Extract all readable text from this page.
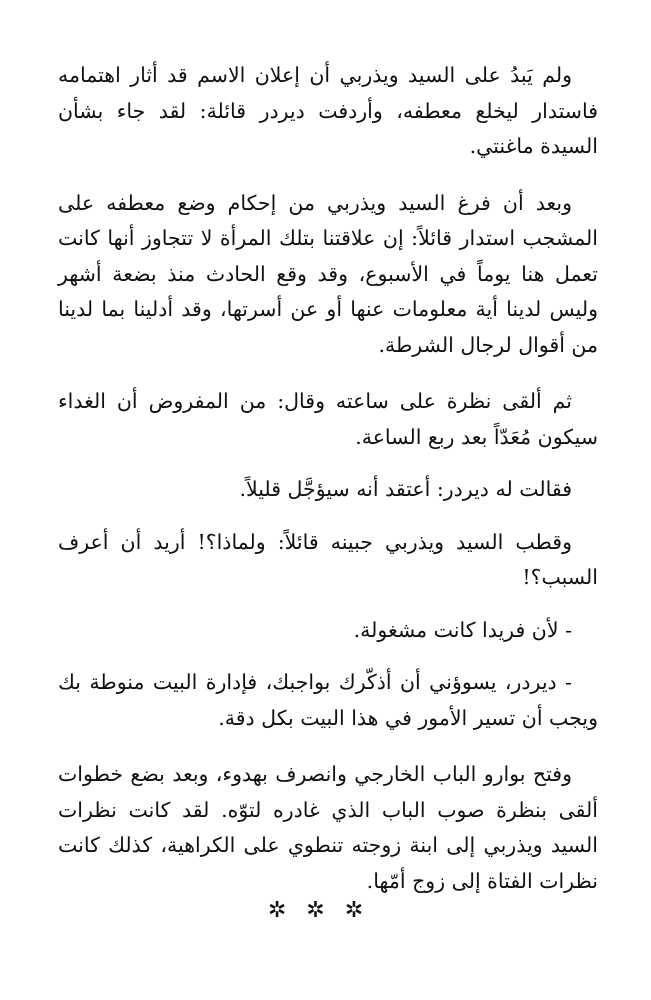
ولم يَبدُ على السيد ويذربي أن إعلان الاسم قد أثار اهتمامه فاستدار ليخلع معطفه، وأردفت ديردر قائلة: لقد جاء بشأن السيدة ماغنتي.

وبعد أن فرغ السيد ويذربي من إحكام وضع معطفه على المشجب استدار قائلاً: إن علاقتنا بتلك المرأة لا تتجاوز أنها كانت تعمل هنا يوماً في الأسبوع، وقد وقع الحادث منذ بضعة أشهر وليس لدينا أية معلومات عنها أو عن أسرتها، وقد أدلينا بما لدينا من أقوال لرجال الشرطة.

ثم ألقى نظرة على ساعته وقال: من المفروض أن الغداء سيكون مُعَدّاً بعد ربع الساعة.

فقالت له ديردر: أعتقد أنه سيؤجَّل قليلاً.

وقطب السيد ويذربي جبينه قائلاً: ولماذا؟! أريد أن أعرف السبب؟!

- لأن فريدا كانت مشغولة.

- ديردر، يسوؤني أن أذكّرك بواجبك، فإدارة البيت منوطة بك ويجب أن تسير الأمور في هذا البيت بكل دقة.

وفتح بوارو الباب الخارجي وانصرف بهدوء، وبعد بضع خطوات ألقى بنظرة صوب الباب الذي غادره لتوّه. لقد كانت نظرات السيد ويذربي إلى ابنة زوجته تنطوي على الكراهية، كذلك كانت نظرات الفتاة إلى زوج أمّها.

✲✲✲
